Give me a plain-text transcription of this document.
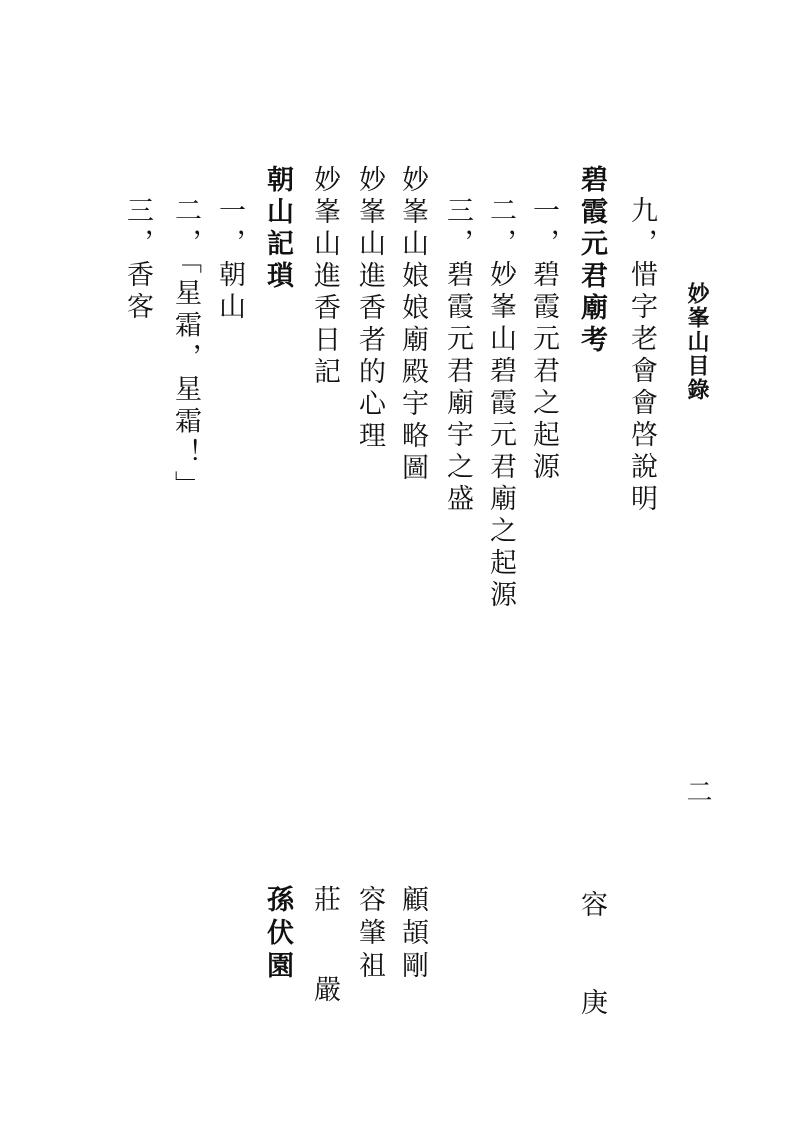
妙峯山目錄
二
九，惜字老會會啓說明
碧霞元君廟考
容　庚
一，碧霞元君之起源
二，妙峯山碧霞元君廟之起源
三，碧霞元君廟宇之盛
妙峯山娘娘廟殿宇略圖
顧頡剛
妙峯山進香者的心理
容肇祖
妙峯山進香日記
莊　嚴
朝山記瑣
孫伏園
一，朝山
二，「星霜，星霜！」
三，香客
